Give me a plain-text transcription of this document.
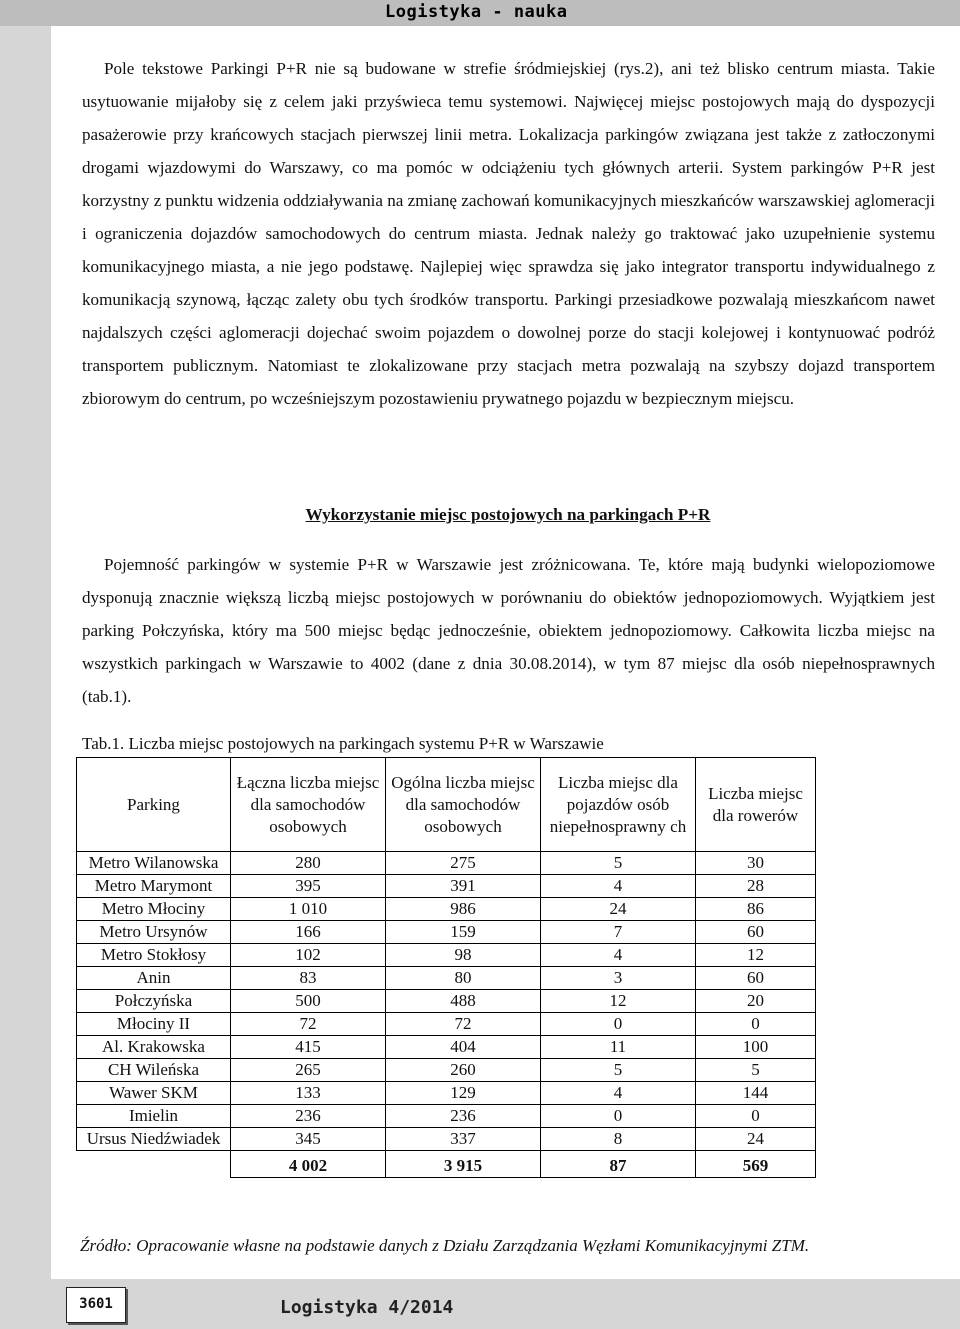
Logistyka - nauka

Pole tekstowe Parkingi P+R nie są budowane w strefie śródmiejskiej (rys.2), ani też blisko centrum miasta. Takie usytuowanie mijałoby się z celem jaki przyświeca temu systemowi. Najwięcej miejsc postojowych mają do dyspozycji pasażerowie przy krańcowych stacjach pierwszej linii metra. Lokalizacja parkingów związana jest także z zatłoczonymi drogami wjazdowymi do Warszawy, co ma pomóc w odciążeniu tych głównych arterii. System parkingów P+R jest korzystny z punktu widzenia oddziaływania na zmianę zachowań komunikacyjnych mieszkańców warszawskiej aglomeracji i ograniczenia dojazdów samochodowych do centrum miasta. Jednak należy go traktować jako uzupełnienie systemu komunikacyjnego miasta, a nie jego podstawę. Najlepiej więc sprawdza się jako integrator transportu indywidualnego z komunikacją szynową, łącząc zalety obu tych środków transportu. Parkingi przesiadkowe pozwalają mieszkańcom nawet najdalszych części aglomeracji dojechać swoim pojazdem o dowolnej porze do stacji kolejowej i kontynuować podróż transportem publicznym. Natomiast te zlokalizowane przy stacjach metra pozwalają na szybszy dojazd transportem zbiorowym do centrum, po wcześniejszym pozostawieniu prywatnego pojazdu w bezpiecznym miejscu.

Wykorzystanie miejsc postojowych na parkingach P+R

Pojemność parkingów w systemie P+R w Warszawie jest zróżnicowana. Te, które mają budynki wielopoziomowe dysponują znacznie większą liczbą miejsc postojowych w porównaniu do obiektów jednopoziomowych. Wyjątkiem jest parking Połczyńska, który ma 500 miejsc będąc jednocześnie, obiektem jednopoziomowy. Całkowita liczba miejsc na wszystkich parkingach w Warszawie to 4002 (dane z dnia 30.08.2014), w tym 87 miejsc dla osób niepełnosprawnych (tab.1).

Tab.1. Liczba miejsc postojowych na parkingach systemu P+R w Warszawie

Parking	Łączna liczba miejsc dla samochodów osobowych	Ogólna liczba miejsc dla samochodów osobowych	Liczba miejsc dla pojazdów osób niepełnosprawny ch	Liczba miejsc dla rowerów
Metro Wilanowska	280	275	5	30
Metro Marymont	395	391	4	28
Metro Młociny	1 010	986	24	86
Metro Ursynów	166	159	7	60
Metro Stokłosy	102	98	4	12
Anin	83	80	3	60
Połczyńska	500	488	12	20
Młociny II	72	72	0	0
Al. Krakowska	415	404	11	100
CH Wileńska	265	260	5	5
Wawer SKM	133	129	4	144
Imielin	236	236	0	0
Ursus Niedźwiadek	345	337	8	24
	4 002	3 915	87	569

Źródło: Opracowanie własne na podstawie danych z Działu Zarządzania Węzłami Komunikacyjnymi ZTM.

3601	Logistyka 4/2014
